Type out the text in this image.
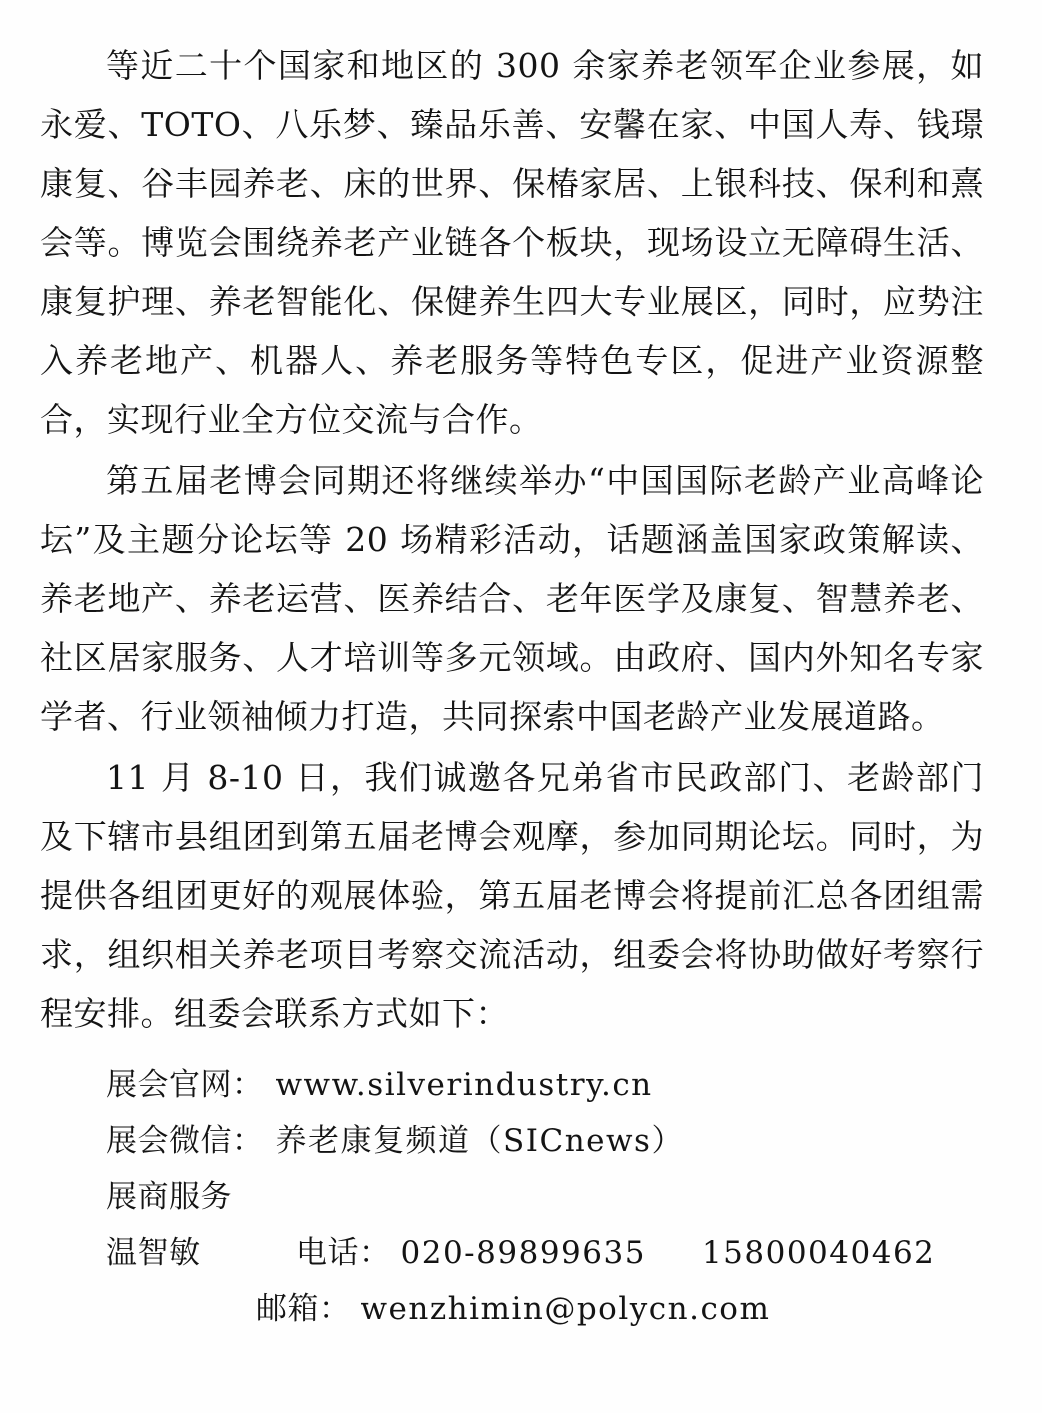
等近二十个国家和地区的 300 余家养老领军企业参展，如永爱、TOTO、八乐梦、臻品乐善、安馨在家、中国人寿、钱璟康复、谷丰园养老、床的世界、保椿家居、上银科技、保利和熹会等。博览会围绕养老产业链各个板块，现场设立无障碍生活、康复护理、养老智能化、保健养生四大专业展区，同时，应势注入养老地产、机器人、养老服务等特色专区，促进产业资源整合，实现行业全方位交流与合作。

第五届老博会同期还将继续举办“中国国际老龄产业高峰论坛”及主题分论坛等 20 场精彩活动，话题涵盖国家政策解读、养老地产、养老运营、医养结合、老年医学及康复、智慧养老、社区居家服务、人才培训等多元领域。由政府、国内外知名专家学者、行业领袖倾力打造，共同探索中国老龄产业发展道路。

11 月 8-10 日，我们诚邀各兄弟省市民政部门、老龄部门及下辖市县组团到第五届老博会观摩，参加同期论坛。同时，为提供各组团更好的观展体验，第五届老博会将提前汇总各团组需求，组织相关养老项目考察交流活动，组委会将协助做好考察行程安排。组委会联系方式如下：

展会官网： www.silverindustry.cn
展会微信： 养老康复频道（SICnews）
展商服务
温智敏	电话： 020-89899635 15800040462
邮箱： wenzhimin@polycn.com
